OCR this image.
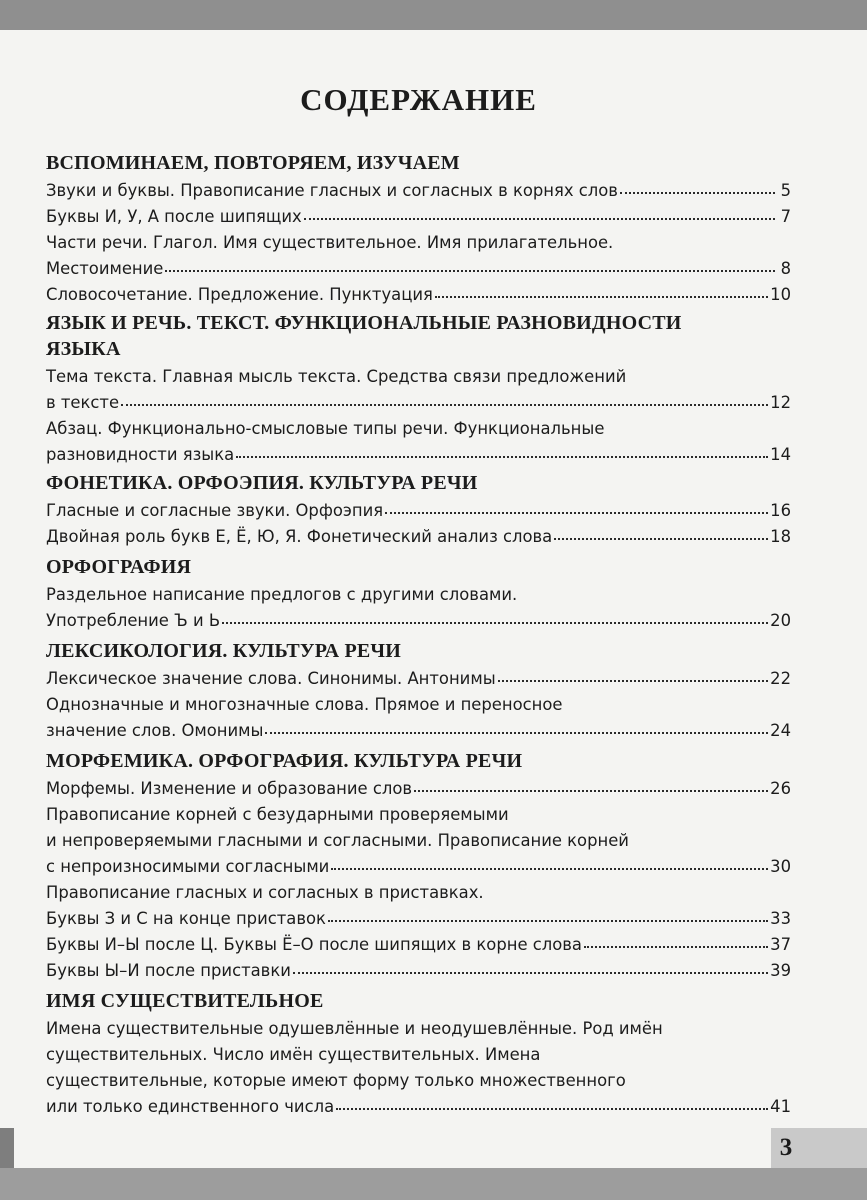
СОДЕРЖАНИЕ
ВСПОМИНАЕМ, ПОВТОРЯЕМ, ИЗУЧАЕМ
Звуки и буквы. Правописание гласных и согласных в корнях слов	5
Буквы И, У, А после шипящих	7
Части речи. Глагол. Имя существительное. Имя прилагательное.
Местоимение	8
Словосочетание. Предложение. Пунктуация	10
ЯЗЫК И РЕЧЬ. ТЕКСТ. ФУНКЦИОНАЛЬНЫЕ РАЗНОВИДНОСТИ
ЯЗЫКА
Тема текста. Главная мысль текста. Средства связи предложений
в тексте	12
Абзац. Функционально-смысловые типы речи. Функциональные
разновидности языка	14
ФОНЕТИКА. ОРФОЭПИЯ. КУЛЬТУРА РЕЧИ
Гласные и согласные звуки. Орфоэпия	16
Двойная роль букв Е, Ё, Ю, Я. Фонетический анализ слова	18
ОРФОГРАФИЯ
Раздельное написание предлогов с другими словами.
Употребление Ъ и Ь	20
ЛЕКСИКОЛОГИЯ. КУЛЬТУРА РЕЧИ
Лексическое значение слова. Синонимы. Антонимы	22
Однозначные и многозначные слова. Прямое и переносное
значение слов. Омонимы	24
МОРФЕМИКА. ОРФОГРАФИЯ. КУЛЬТУРА РЕЧИ
Морфемы. Изменение и образование слов	26
Правописание корней с безударными проверяемыми
и непроверяемыми гласными и согласными. Правописание корней
с непроизносимыми согласными	30
Правописание гласных и согласных в приставках.
Буквы З и С на конце приставок	33
Буквы И–Ы после Ц. Буквы Ё–О после шипящих в корне слова	37
Буквы Ы–И после приставки	39
ИМЯ СУЩЕСТВИТЕЛЬНОЕ
Имена существительные одушевлённые и неодушевлённые. Род имён
существительных. Число имён существительных. Имена
существительные, которые имеют форму только множественного
или только единственного числа	41
3
